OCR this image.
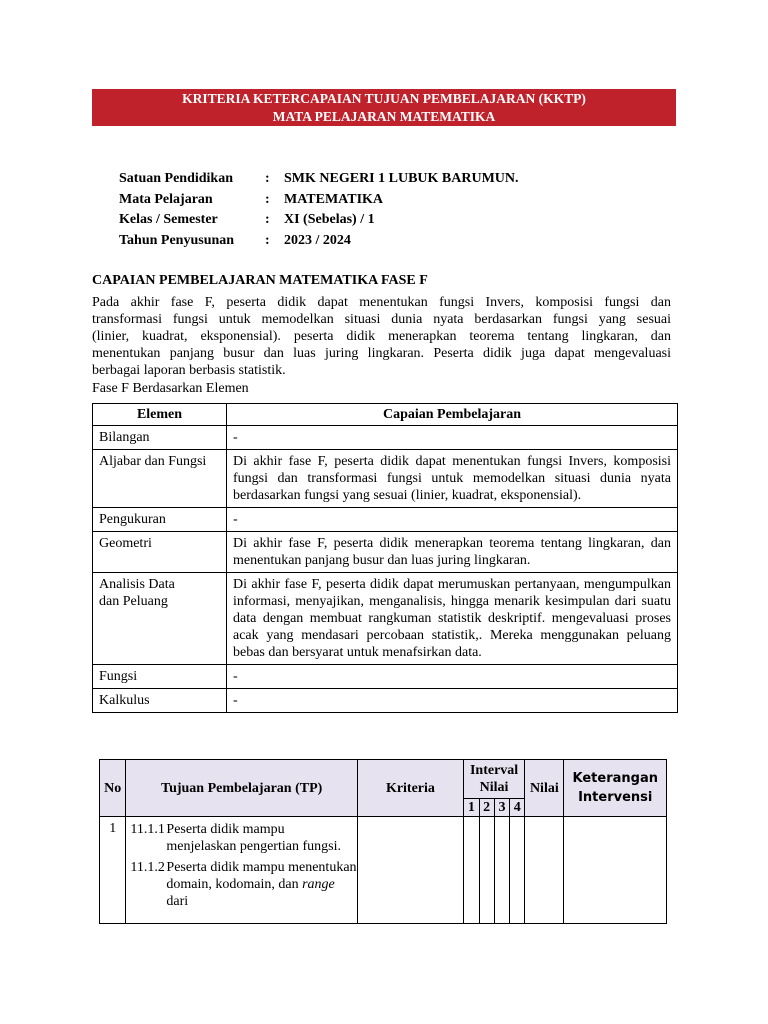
KRITERIA KETERCAPAIAN TUJUAN PEMBELAJARAN (KKTP)
MATA PELAJARAN MATEMATIKA
Satuan Pendidikan : SMK NEGERI 1 LUBUK BARUMUN.
Mata Pelajaran	: MATEMATIKA
Kelas / Semester	: XI (Sebelas) / 1
Tahun Penyusunan : 2023 / 2024
CAPAIAN PEMBELAJARAN MATEMATIKA FASE F
Pada akhir fase F, peserta didik dapat menentukan fungsi Invers, komposisi fungsi dan
transformasi fungsi untuk memodelkan situasi dunia nyata berdasarkan fungsi yang sesuai
(linier, kuadrat, eksponensial). peserta didik menerapkan teorema tentang lingkaran, dan
menentukan panjang busur dan luas juring lingkaran. Peserta didik juga dapat mengevaluasi
berbagai laporan berbasis statistik.
Fase F Berdasarkan Elemen
Elemen	Capaian Pembelajaran
Bilangan	-
Aljabar dan Fungsi	Di akhir fase F, peserta didik dapat menentukan fungsi Invers, komposisi fungsi dan transformasi fungsi untuk memodelkan situasi dunia nyata berdasarkan fungsi yang sesuai (linier, kuadrat, eksponensial).
Pengukuran	-
Geometri	Di akhir fase F, peserta didik menerapkan teorema tentang lingkaran, dan menentukan panjang busur dan luas juring lingkaran.
Analisis Data dan Peluang	Di akhir fase F, peserta didik dapat merumuskan pertanyaan, mengumpulkan informasi, menyajikan, menganalisis, hingga menarik kesimpulan dari suatu data dengan membuat rangkuman statistik deskriptif. mengevaluasi proses acak yang mendasari percobaan statistik,. Mereka menggunakan peluang bebas dan bersyarat untuk menafsirkan data.
Fungsi	-
Kalkulus	-
No	Tujuan Pembelajaran (TP)	Kriteria	Interval Nilai				Nilai	Keterangan Intervensi
			1	2	3	4		
1	11.1.1 Peserta didik mampu menjelaskan pengertian fungsi.
11.1.2 Peserta didik mampu menentukan domain, kodomain, dan range dari							
